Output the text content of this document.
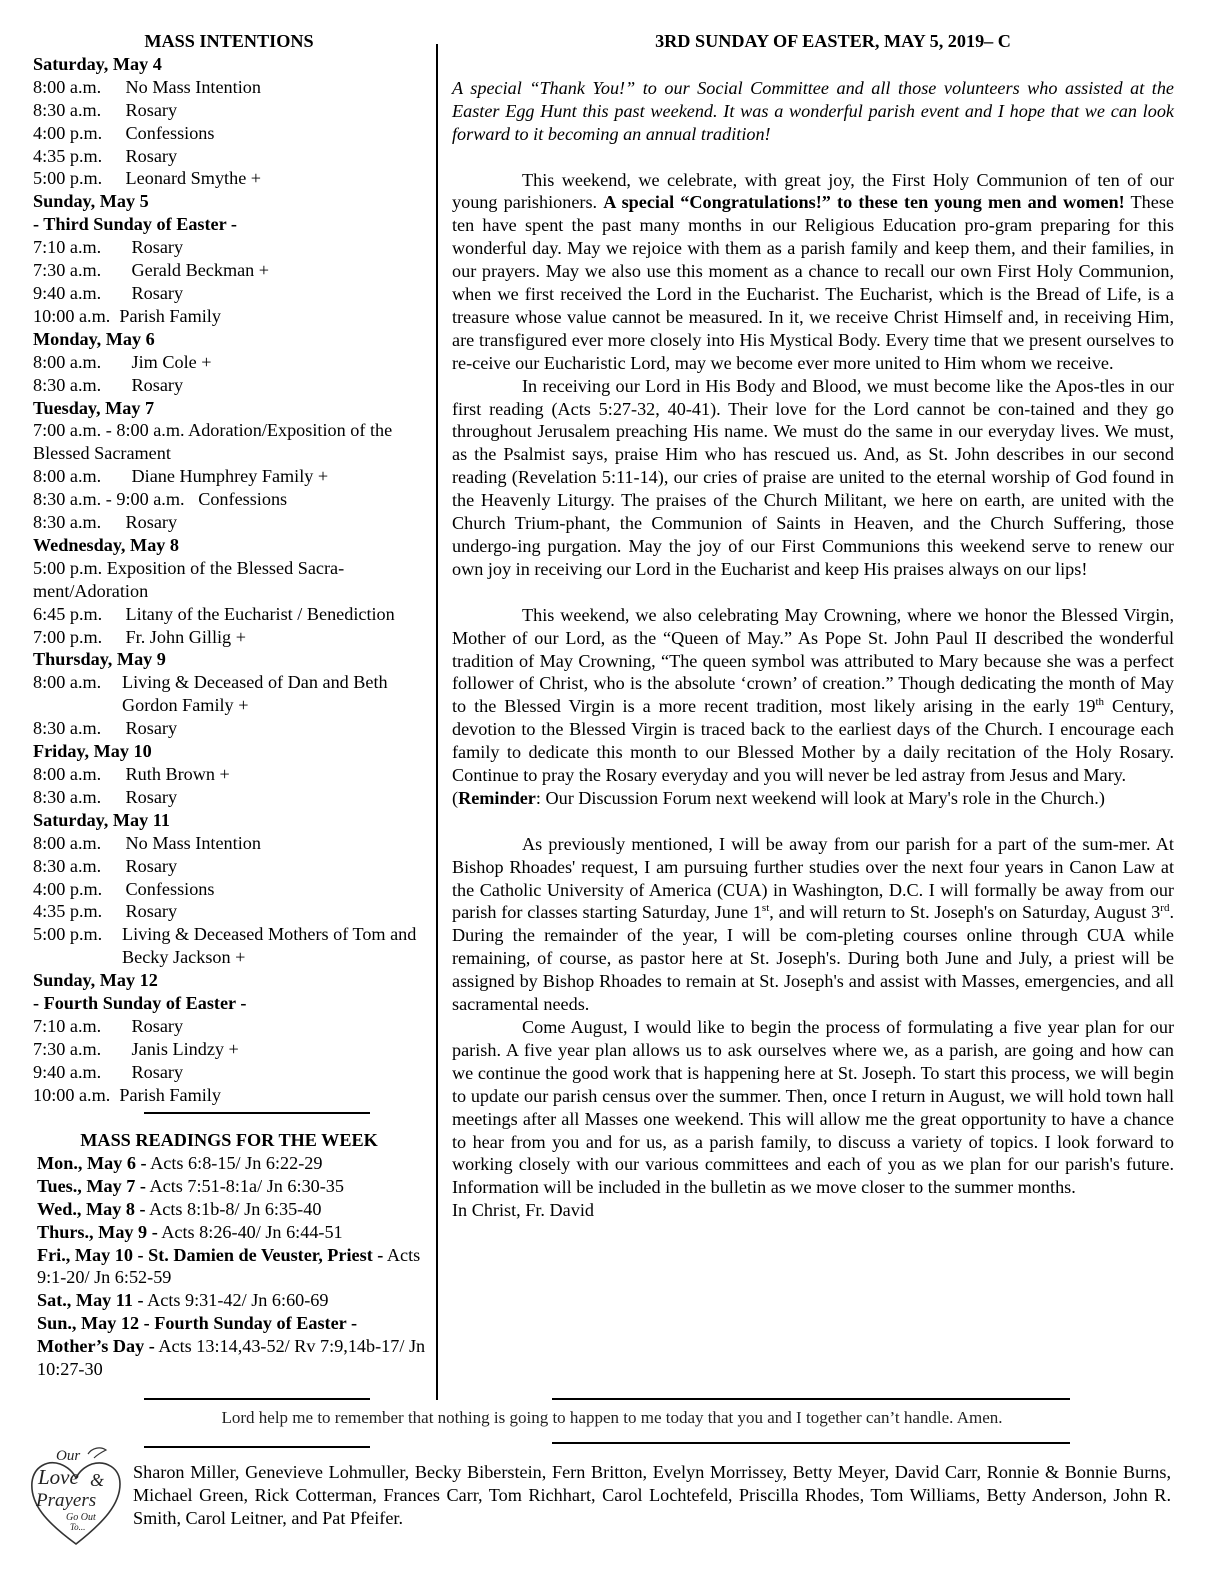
MASS INTENTIONS
Saturday, May 4
8:00 a.m. No Mass Intention
8:30 a.m. Rosary
4:00 p.m. Confessions
4:35 p.m. Rosary
5:00 p.m. Leonard Smythe +
Sunday, May 5
- Third Sunday of Easter -
7:10 a.m. Rosary
7:30 a.m. Gerald Beckman +
9:40 a.m. Rosary
10:00 a.m. Parish Family
Monday, May 6
8:00 a.m. Jim Cole +
8:30 a.m. Rosary
Tuesday, May 7
7:00 a.m. - 8:00 a.m. Adoration/Exposition of the Blessed Sacrament
8:00 a.m. Diane Humphrey Family +
8:30 a.m. - 9:00 a.m. Confessions
8:30 a.m. Rosary
Wednesday, May 8
5:00 p.m. Exposition of the Blessed Sacra-ment/Adoration
6:45 p.m. Litany of the Eucharist / Benediction
7:00 p.m. Fr. John Gillig +
Thursday, May 9
8:00 a.m. Living & Deceased of Dan and Beth Gordon Family +
8:30 a.m. Rosary
Friday, May 10
8:00 a.m. Ruth Brown +
8:30 a.m. Rosary
Saturday, May 11
8:00 a.m. No Mass Intention
8:30 a.m. Rosary
4:00 p.m. Confessions
4:35 p.m. Rosary
5:00 p.m. Living & Deceased Mothers of Tom and Becky Jackson +
Sunday, May 12
- Fourth Sunday of Easter -
7:10 a.m. Rosary
7:30 a.m. Janis Lindzy +
9:40 a.m. Rosary
10:00 a.m. Parish Family
MASS READINGS FOR THE WEEK
Mon., May 6 - Acts 6:8-15/ Jn 6:22-29
Tues., May 7 - Acts 7:51-8:1a/ Jn 6:30-35
Wed., May 8 - Acts 8:1b-8/ Jn 6:35-40
Thurs., May 9 - Acts 8:26-40/ Jn 6:44-51
Fri., May 10 - St. Damien de Veuster, Priest - Acts 9:1-20/ Jn 6:52-59
Sat., May 11 - Acts 9:31-42/ Jn 6:60-69
Sun., May 12 - Fourth Sunday of Easter - Mother’s Day - Acts 13:14,43-52/ Rv 7:9,14b-17/ Jn 10:27-30
3RD SUNDAY OF EASTER, MAY 5, 2019– C
A special “Thank You!” to our Social Committee and all those volunteers who assisted at the Easter Egg Hunt this past weekend. It was a wonderful parish event and I hope that we can look forward to it becoming an annual tradition!
This weekend, we celebrate, with great joy, the First Holy Communion of ten of our young parishioners. A special “Congratulations!” to these ten young men and women! These ten have spent the past many months in our Religious Education pro-gram preparing for this wonderful day. May we rejoice with them as a parish family and keep them, and their families, in our prayers. May we also use this moment as a chance to recall our own First Holy Communion, when we first received the Lord in the Eucharist. The Eucharist, which is the Bread of Life, is a treasure whose value cannot be measured. In it, we receive Christ Himself and, in receiving Him, are transfigured ever more closely into His Mystical Body. Every time that we present ourselves to re-ceive our Eucharistic Lord, may we become ever more united to Him whom we receive.
In receiving our Lord in His Body and Blood, we must become like the Apos-tles in our first reading (Acts 5:27-32, 40-41). Their love for the Lord cannot be con-tained and they go throughout Jerusalem preaching His name. We must do the same in our everyday lives. We must, as the Psalmist says, praise Him who has rescued us. And, as St. John describes in our second reading (Revelation 5:11-14), our cries of praise are united to the eternal worship of God found in the Heavenly Liturgy. The praises of the Church Militant, we here on earth, are united with the Church Trium-phant, the Communion of Saints in Heaven, and the Church Suffering, those undergo-ing purgation. May the joy of our First Communions this weekend serve to renew our own joy in receiving our Lord in the Eucharist and keep His praises always on our lips!
This weekend, we also celebrating May Crowning, where we honor the Blessed Virgin, Mother of our Lord, as the “Queen of May.” As Pope St. John Paul II described the wonderful tradition of May Crowning, “The queen symbol was attributed to Mary because she was a perfect follower of Christ, who is the absolute ‘crown’ of creation.” Though dedicating the month of May to the Blessed Virgin is a more recent tradition, most likely arising in the early 19th Century, devotion to the Blessed Virgin is traced back to the earliest days of the Church. I encourage each family to dedicate this month to our Blessed Mother by a daily recitation of the Holy Rosary. Continue to pray the Rosary everyday and you will never be led astray from Jesus and Mary.
(Reminder: Our Discussion Forum next weekend will look at Mary's role in the Church.)
As previously mentioned, I will be away from our parish for a part of the sum-mer. At Bishop Rhoades' request, I am pursuing further studies over the next four years in Canon Law at the Catholic University of America (CUA) in Washington, D.C. I will formally be away from our parish for classes starting Saturday, June 1st, and will return to St. Joseph's on Saturday, August 3rd. During the remainder of the year, I will be com-pleting courses online through CUA while remaining, of course, as pastor here at St. Joseph's. During both June and July, a priest will be assigned by Bishop Rhoades to remain at St. Joseph's and assist with Masses, emergencies, and all sacramental needs.
Come August, I would like to begin the process of formulating a five year plan for our parish. A five year plan allows us to ask ourselves where we, as a parish, are going and how can we continue the good work that is happening here at St. Joseph. To start this process, we will begin to update our parish census over the summer. Then, once I return in August, we will hold town hall meetings after all Masses one weekend. This will allow me the great opportunity to have a chance to hear from you and for us, as a parish family, to discuss a variety of topics. I look forward to working closely with our various committees and each of you as we plan for our parish's future. Information will be included in the bulletin as we move closer to the summer months.
In Christ, Fr. David
Lord help me to remember that nothing is going to happen to me today that you and I together can’t handle. Amen.
Our
Love &
Prayers
Go Out
To...
Sharon Miller, Genevieve Lohmuller, Becky Biberstein, Fern Britton, Evelyn Morrissey, Betty Meyer, David Carr, Ronnie & Bonnie Burns, Michael Green, Rick Cotterman, Frances Carr, Tom Richhart, Carol Lochtefeld, Priscilla Rhodes, Tom Williams, Betty Anderson, John R. Smith, Carol Leitner, and Pat Pfeifer.
